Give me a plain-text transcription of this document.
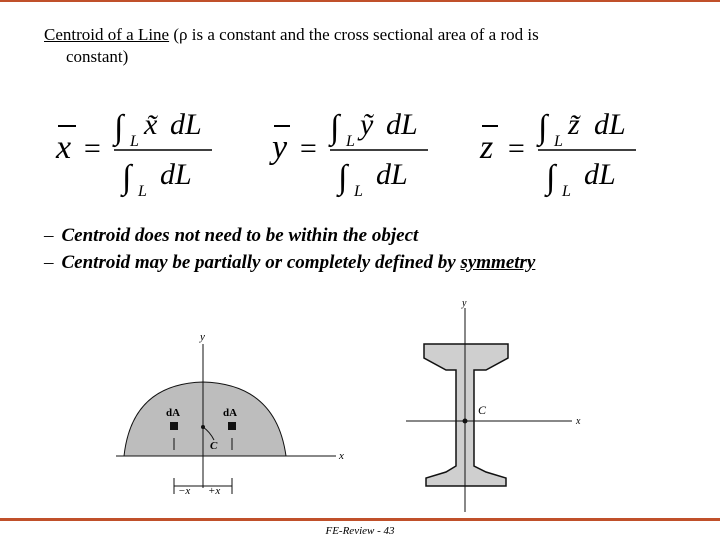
Centroid of a Line (ρ is a constant and the cross sectional area of a rod is
constant)
x =
∫ L
x̃ dL
∫ L
dL
y =
∫ L
ỹ dL
∫ L
dL
z =
∫ L
z̃ dL
∫ L
dL
– Centroid does not need to be within the object
– Centroid may be partially or completely defined by symmetry
x
y
dA	dA
C
−x +x
y
x
C
FE-Review - 43
